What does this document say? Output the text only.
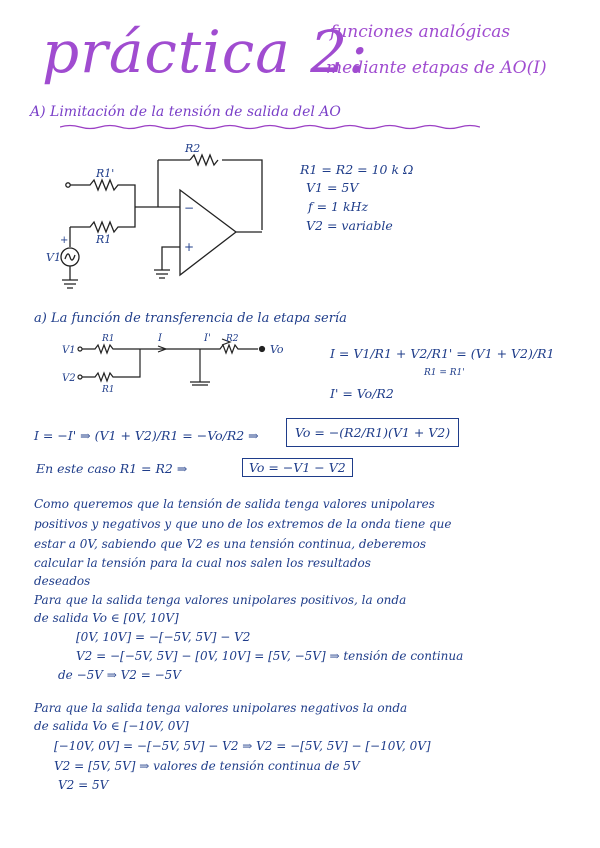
práctica 2:
funciones analógicas
mediante etapas de AO(I)
A) Limitación de la tensión de salida del AO
R2
R1'
R1
V1
−
+
+
R1 = R2 = 10 k Ω
V1 = 5V
f = 1 kHz
V2 = variable
a) La función de transferencia de la etapa sería
V1
V2
R1
R1
I	I' R2
Vo	I = V1/R1 + V2/R1' = (V1 + V2)/R1
R1 = R1'
I' = Vo/R2
I = −I' ⇒ (V1 + V2)/R1 = −Vo/R2 ⇒	Vo = −(R2/R1)(V1 + V2)
En este caso R1 = R2 ⇒	Vo = −V1 − V2
Como queremos que la tensión de salida tenga valores unipolares
positivos y negativos y que uno de los extremos de la onda tiene que
estar a 0V, sabiendo que V2 es una tensión continua, deberemos
calcular la tensión para la cual nos salen los resultados
deseados
Para que la salida tenga valores unipolares positivos, la onda
de salida Vo ∈ [0V, 10V]
[0V, 10V] = −[−5V, 5V] − V2
V2 = −[−5V, 5V] − [0V, 10V] = [5V, −5V] ⇒ tensión de continua
de −5V ⇒ V2 = −5V
Para que la salida tenga valores unipolares negativos la onda
de salida Vo ∈ [−10V, 0V]
[−10V, 0V] = −[−5V, 5V] − V2 ⇒ V2 = −[5V, 5V] − [−10V, 0V]
V2 = [5V, 5V] ⇒ valores de tensión continua de 5V
V2 = 5V
